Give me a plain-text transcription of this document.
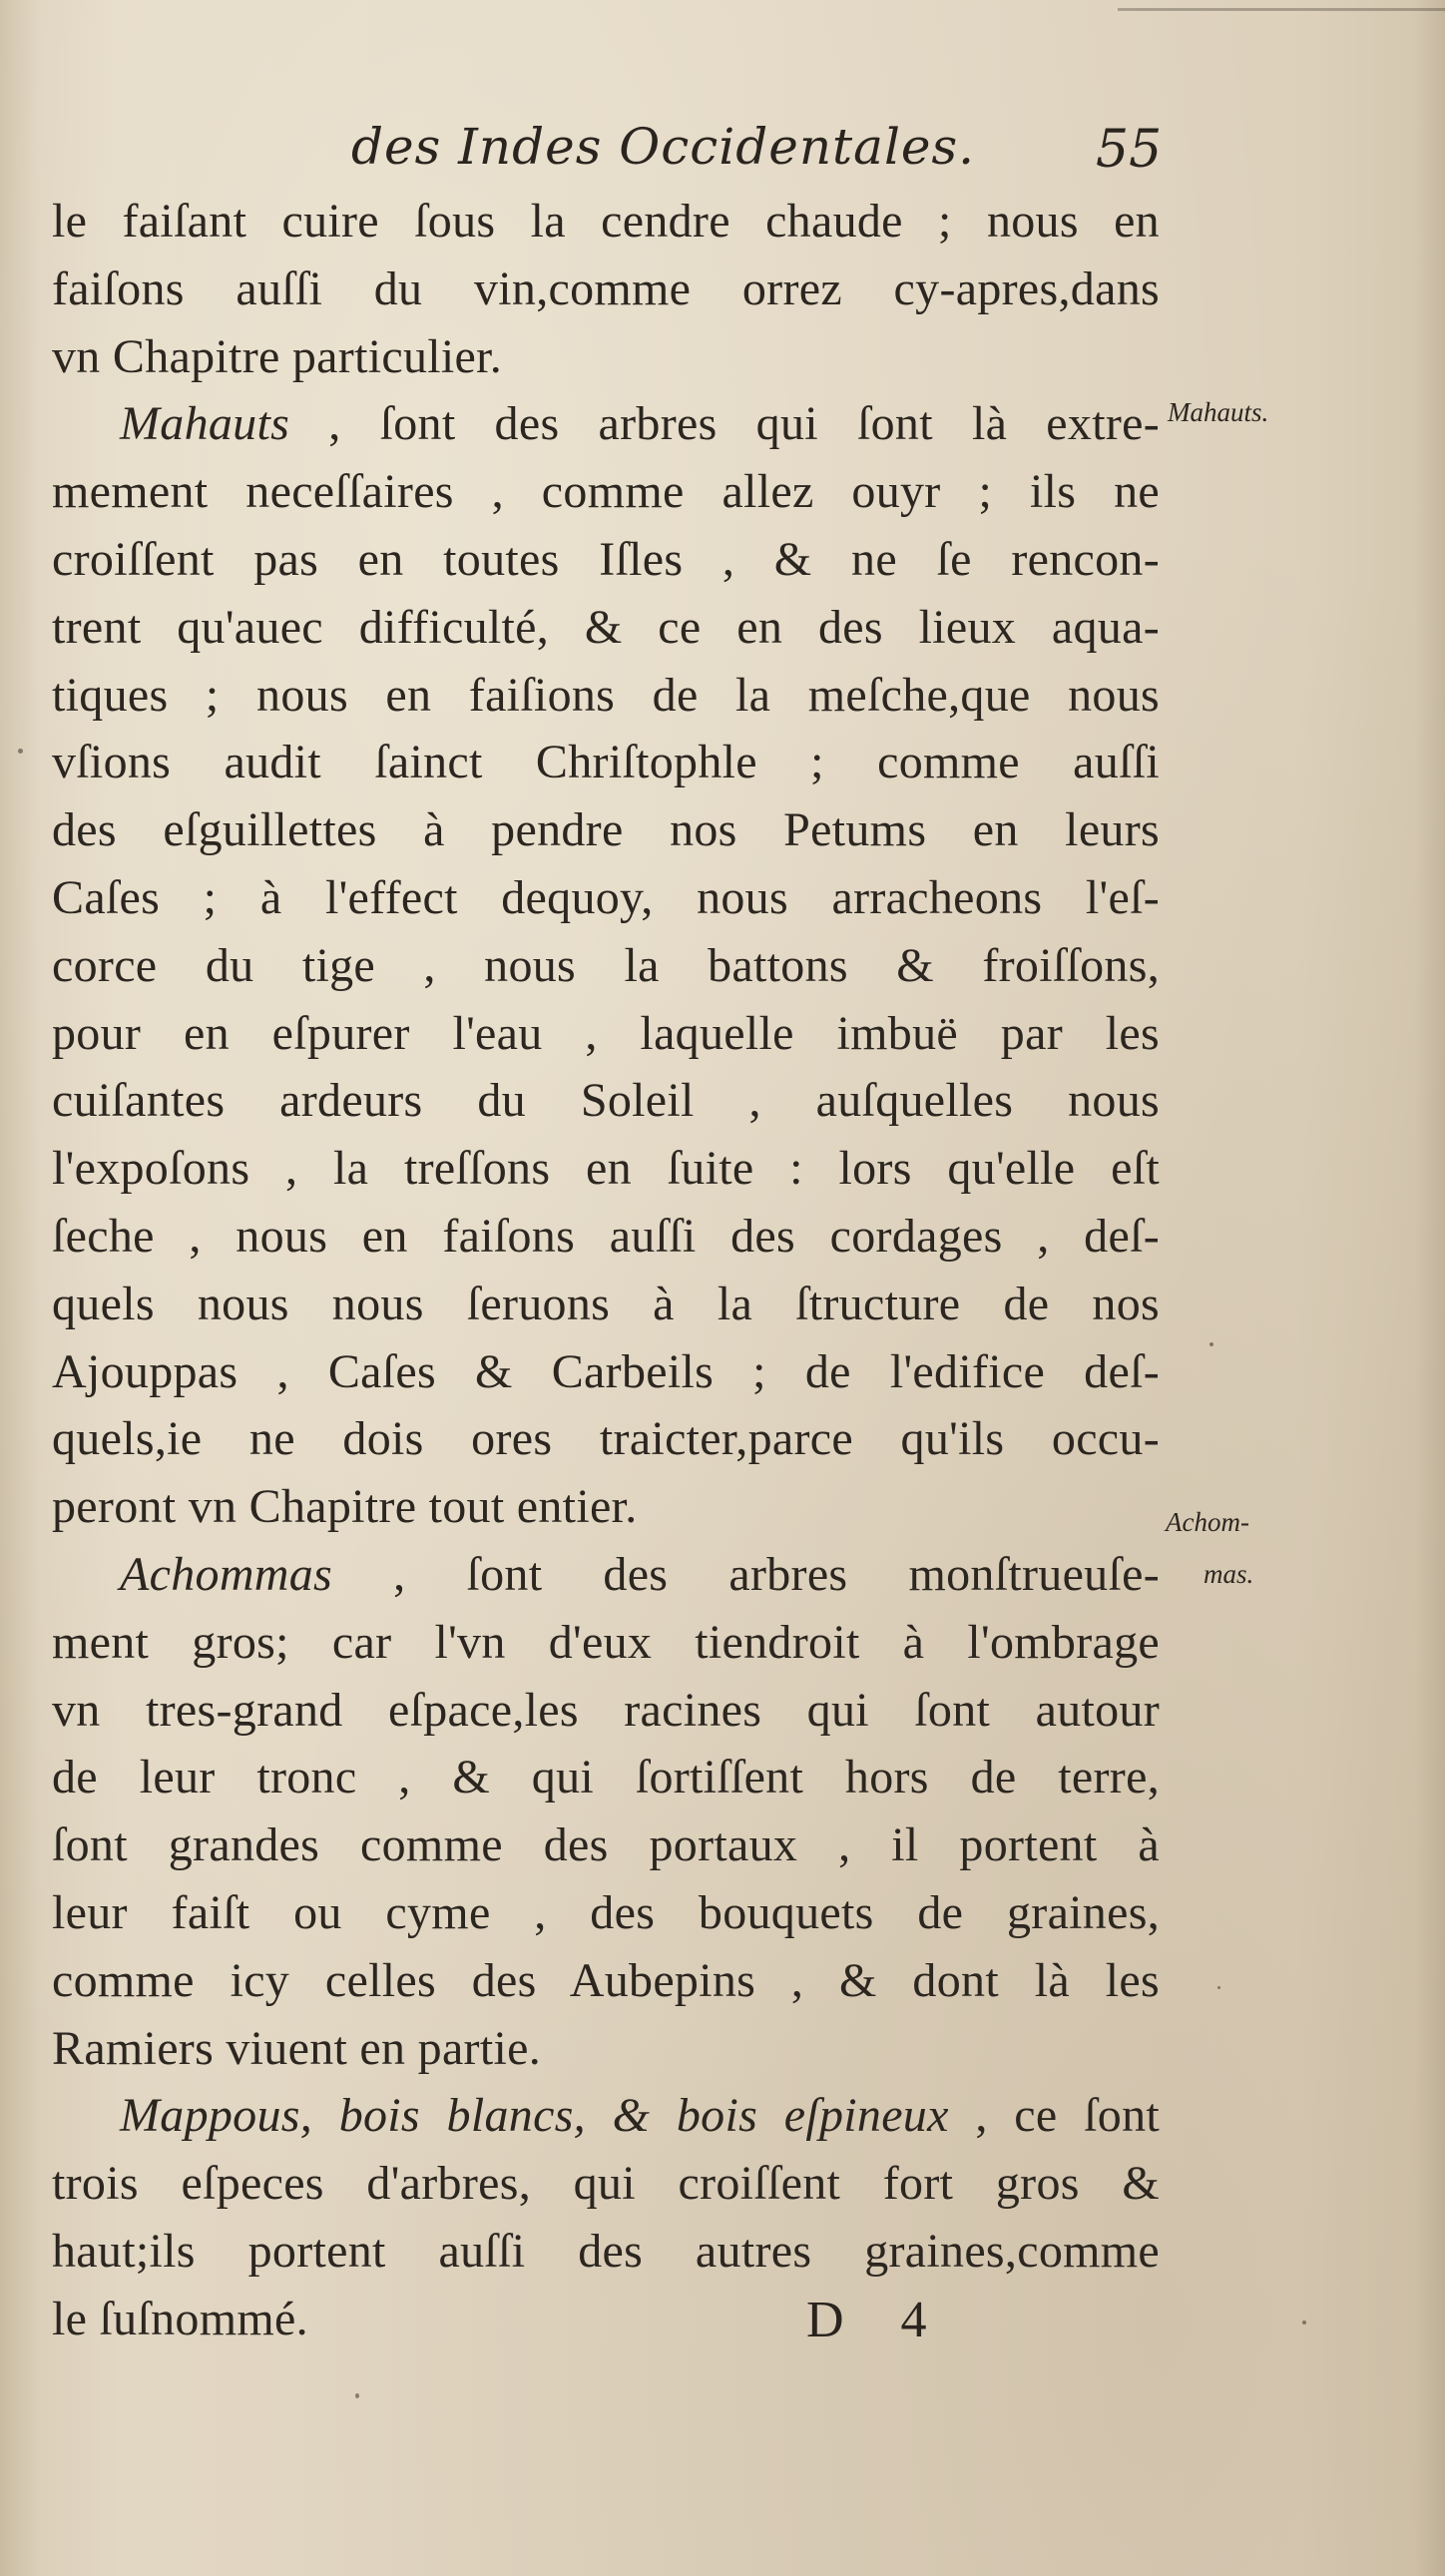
des Indes Occidentales. 55
le faiſant cuire ſous la cendre chaude ; nous en
faiſons auſſi du vin,comme orrez cy-apres,dans
vn Chapitre particulier.
Mahauts , ſont des arbres qui ſont là extre-
mement neceſſaires , comme allez ouyr ; ils ne
croiſſent pas en toutes Iſles , & ne ſe rencon-
trent qu'auec difficulté, & ce en des lieux aqua-
tiques ; nous en faiſions de la meſche,que nous
vſions audit ſainct Chriſtophle ; comme auſſi
des eſguillettes à pendre nos Petums en leurs
Caſes ; à l'effect dequoy, nous arracheons l'eſ-
corce du tige , nous la battons & froiſſons,
pour en eſpurer l'eau , laquelle imbuë par les
cuiſantes ardeurs du Soleil , auſquelles nous
l'expoſons , la treſſons en ſuite : lors qu'elle eſt
ſeche , nous en faiſons auſſi des cordages , deſ-
quels nous nous ſeruons à la ſtructure de nos
Ajouppas , Caſes & Carbeils ; de l'edifice deſ-
quels,ie ne dois ores traicter,parce qu'ils occu-
peront vn Chapitre tout entier.
Achommas , ſont des arbres monſtrueuſe-
ment gros; car l'vn d'eux tiendroit à l'ombrage
vn tres-grand eſpace,les racines qui ſont autour
de leur tronc , & qui ſortiſſent hors de terre,
ſont grandes comme des portaux , il portent à
leur faiſt ou cyme , des bouquets de graines,
comme icy celles des Aubepins , & dont là les
Ramiers viuent en partie.
Mappous, bois blancs, & bois eſpineux , ce ſont
trois eſpeces d'arbres, qui croiſſent fort gros &
haut;ils portent auſſi des autres graines,comme
le ſuſnommé.
Mahauts.
Achom-
mas.
D 4
